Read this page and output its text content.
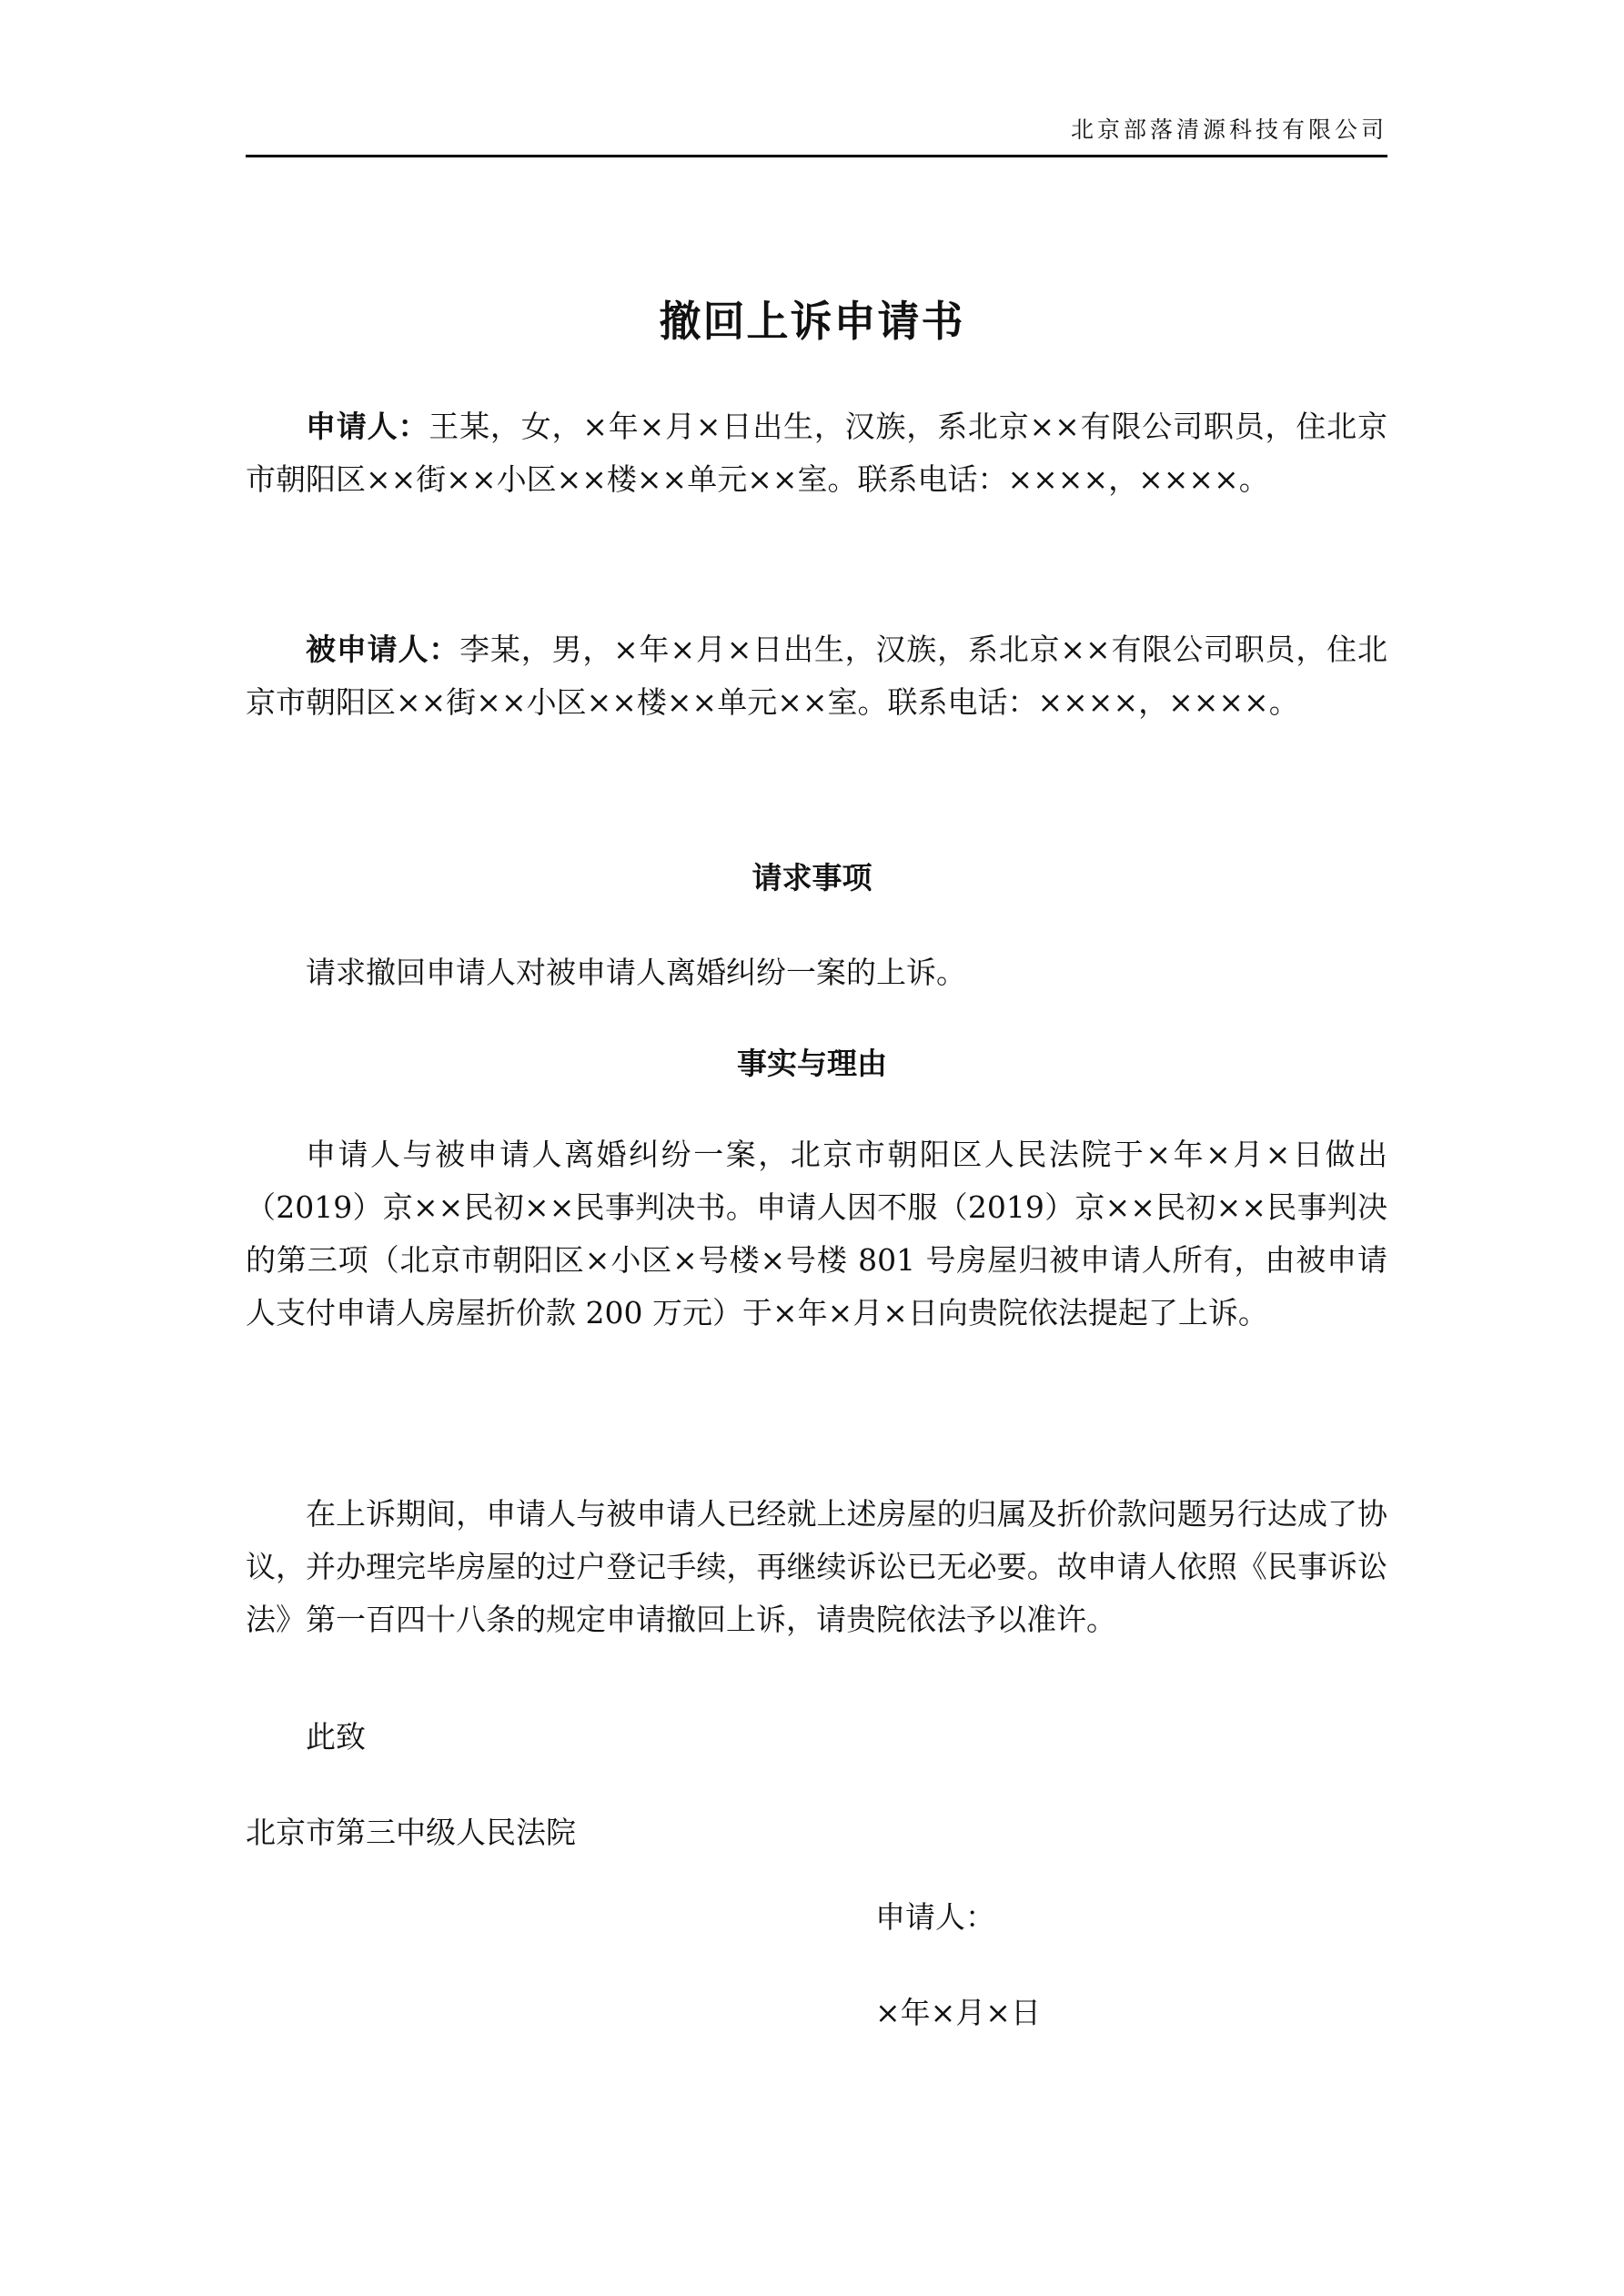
北京部落清源科技有限公司
撤回上诉申请书
申请人：王某，女，×年×月×日出生，汉族，系北京××有限公司职员，住北京市朝阳区××街××小区××楼××单元××室。联系电话：××××，××××。
被申请人：李某，男，×年×月×日出生，汉族，系北京××有限公司职员，住北京市朝阳区××街××小区××楼××单元××室。联系电话：××××，××××。
请求事项
请求撤回申请人对被申请人离婚纠纷一案的上诉。
事实与理由
申请人与被申请人离婚纠纷一案，北京市朝阳区人民法院于×年×月×日做出（2019）京××民初××民事判决书。申请人因不服（2019）京××民初××民事判决的第三项（北京市朝阳区×小区×号楼×号楼 801 号房屋归被申请人所有，由被申请人支付申请人房屋折价款 200 万元）于×年×月×日向贵院依法提起了上诉。
在上诉期间，申请人与被申请人已经就上述房屋的归属及折价款问题另行达成了协议，并办理完毕房屋的过户登记手续，再继续诉讼已无必要。故申请人依照《民事诉讼法》第一百四十八条的规定申请撤回上诉，请贵院依法予以准许。
此致
北京市第三中级人民法院
申请人：
×年×月×日
